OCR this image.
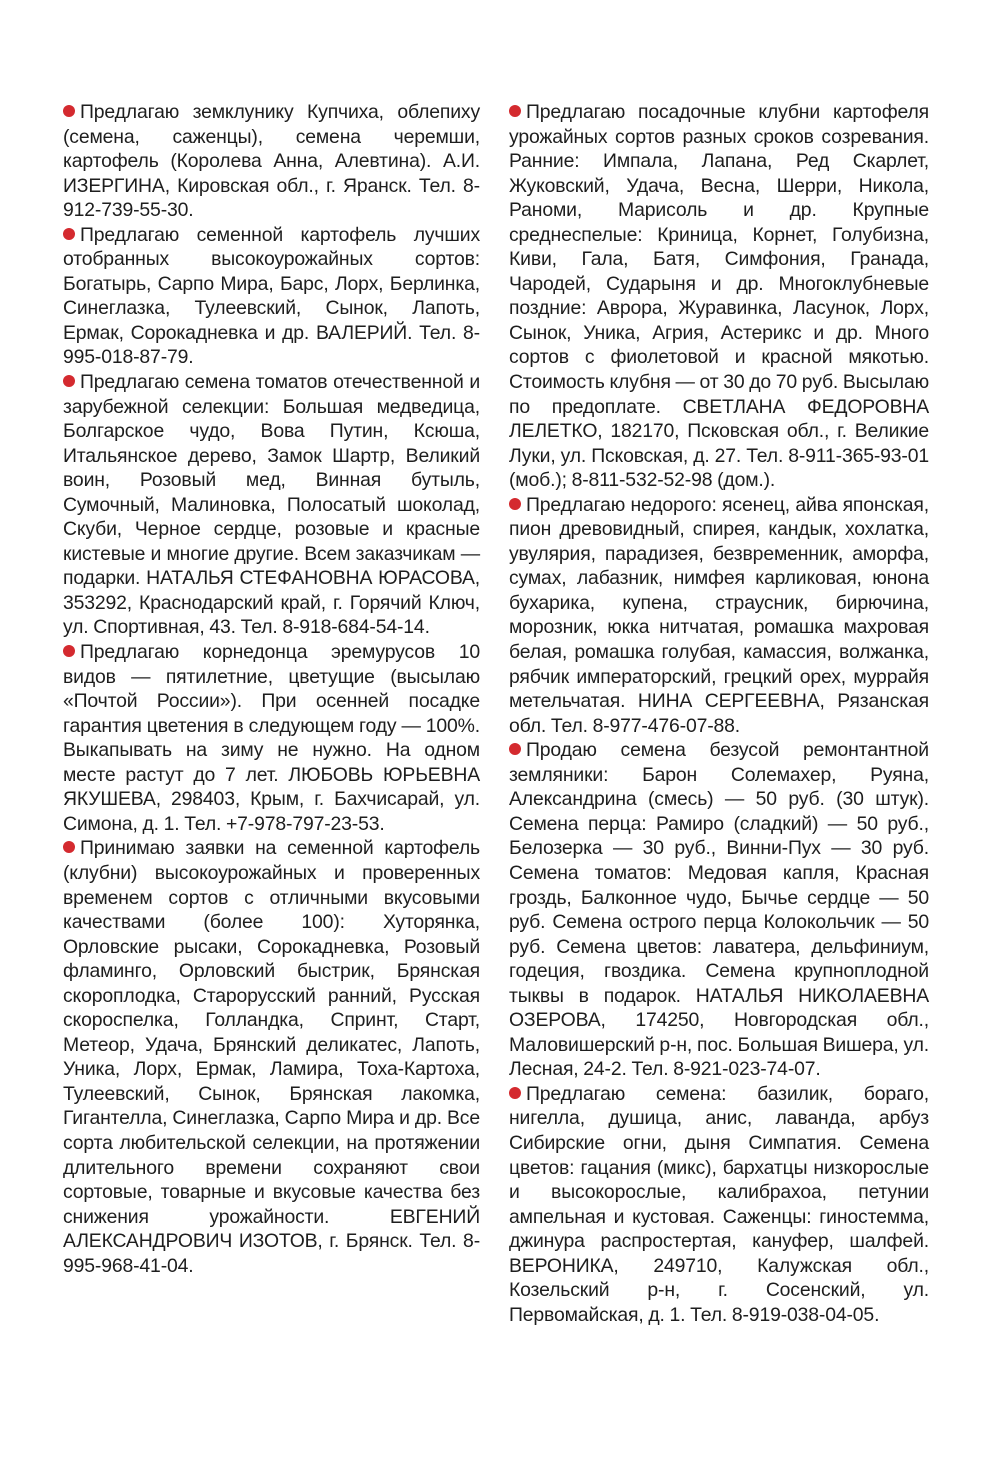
Предлагаю земклунику Купчиха, облепиху (семена, саженцы), семена черемши, картофель (Королева Анна, Алевтина). А.И. ИЗЕРГИНА, Кировская обл., г. Яранск. Тел. 8-912-739-55-30.

Предлагаю семенной картофель лучших отобранных высокоурожайных сортов: Богатырь, Сарпо Мира, Барс, Лорх, Берлинка, Синеглазка, Тулеевский, Сынок, Лапоть, Ермак, Сорокадневка и др. ВАЛЕРИЙ. Тел. 8-995-018-87-79.

Предлагаю семена томатов отечественной и зарубежной селекции: Большая медведица, Болгарское чудо, Вова Путин, Ксюша, Итальянское дерево, Замок Шартр, Великий воин, Розовый мед, Винная бутыль, Сумочный, Малиновка, Полосатый шоколад, Скуби, Черное сердце, розовые и красные кистевые и многие другие. Всем заказчикам — подарки. НАТАЛЬЯ СТЕФАНОВНА ЮРАСОВА, 353292, Краснодарский край, г. Горячий Ключ, ул. Спортивная, 43. Тел. 8-918-684-54-14.

Предлагаю корнедонца эремурусов 10 видов — пятилетние, цветущие (высылаю «Почтой России»). При осенней посадке гарантия цветения в следующем году — 100%. Выкапывать на зиму не нужно. На одном месте растут до 7 лет. ЛЮБОВЬ ЮРЬЕВНА ЯКУШЕВА, 298403, Крым, г. Бахчисарай, ул. Симона, д. 1. Тел. +7-978-797-23-53.

Принимаю заявки на семенной картофель (клубни) высокоурожайных и проверенных временем сортов с отличными вкусовыми качествами (более 100): Хуторянка, Орловские рысаки, Сорокадневка, Розовый фламинго, Орловский быстрик, Брянская скороплодка, Старорусский ранний, Русская скороспелка, Голландка, Спринт, Старт, Метеор, Удача, Брянский деликатес, Лапоть, Уника, Лорх, Ермак, Ламира, Тоха-Картоха, Тулеевский, Сынок, Брянская лакомка, Гигантелла, Синеглазка, Сарпо Мира и др. Все сорта любительской селекции, на протяжении длительного времени сохраняют свои сортовые, товарные и вкусовые качества без снижения урожайности. ЕВГЕНИЙ АЛЕКСАНДРОВИЧ ИЗОТОВ, г. Брянск. Тел. 8-995-968-41-04.

Предлагаю посадочные клубни картофеля урожайных сортов разных сроков созревания. Ранние: Импала, Лапана, Ред Скарлет, Жуковский, Удача, Весна, Шерри, Никола, Раноми, Марисоль и др. Крупные среднеспелые: Криница, Корнет, Голубизна, Киви, Гала, Батя, Симфония, Гранада, Чародей, Сударыня и др. Многоклубневые поздние: Аврора, Журавинка, Ласунок, Лорх, Сынок, Уника, Агрия, Астерикс и др. Много сортов с фиолетовой и красной мякотью. Стоимость клубня — от 30 до 70 руб. Высылаю по предоплате. СВЕТЛАНА ФЕДОРОВНА ЛЕЛЕТКО, 182170, Псковская обл., г. Великие Луки, ул. Псковская, д. 27. Тел. 8-911-365-93-01 (моб.); 8-811-532-52-98 (дом.).

Предлагаю недорого: ясенец, айва японская, пион древовидный, спирея, кандык, хохлатка, увулярия, парадизея, безвременник, аморфа, сумах, лабазник, нимфея карликовая, юнона бухарика, купена, страусник, бирючина, морозник, юкка нитчатая, ромашка махровая белая, ромашка голубая, камассия, волжанка, рябчик императорский, грецкий орех, муррайя метельчатая. НИНА СЕРГЕЕВНА, Рязанская обл. Тел. 8-977-476-07-88.

Продаю семена безусой ремонтантной земляники: Барон Солемахер, Руяна, Александрина (смесь) — 50 руб. (30 штук). Семена перца: Рамиро (сладкий) — 50 руб., Белозерка — 30 руб., Винни-Пух — 30 руб. Семена томатов: Медовая капля, Красная гроздь, Балконное чудо, Бычье сердце — 50 руб. Семена острого перца Колокольчик — 50 руб. Семена цветов: лаватера, дельфиниум, годеция, гвоздика. Семена крупноплодной тыквы в подарок. НАТАЛЬЯ НИКОЛАЕВНА ОЗЕРОВА, 174250, Новгородская обл., Маловишерский р-н, пос. Большая Вишера, ул. Лесная, 24-2. Тел. 8-921-023-74-07.

Предлагаю семена: базилик, бораго, нигелла, душица, анис, лаванда, арбуз Сибирские огни, дыня Симпатия. Семена цветов: гацания (микс), бархатцы низкорослые и высокорослые, калибрахоа, петунии ампельная и кустовая. Саженцы: гиностемма, джинура распростертая, кануфер, шалфей. ВЕРОНИКА, 249710, Калужская обл., Козельский р-н, г. Сосенский, ул. Первомайская, д. 1. Тел. 8-919-038-04-05.
